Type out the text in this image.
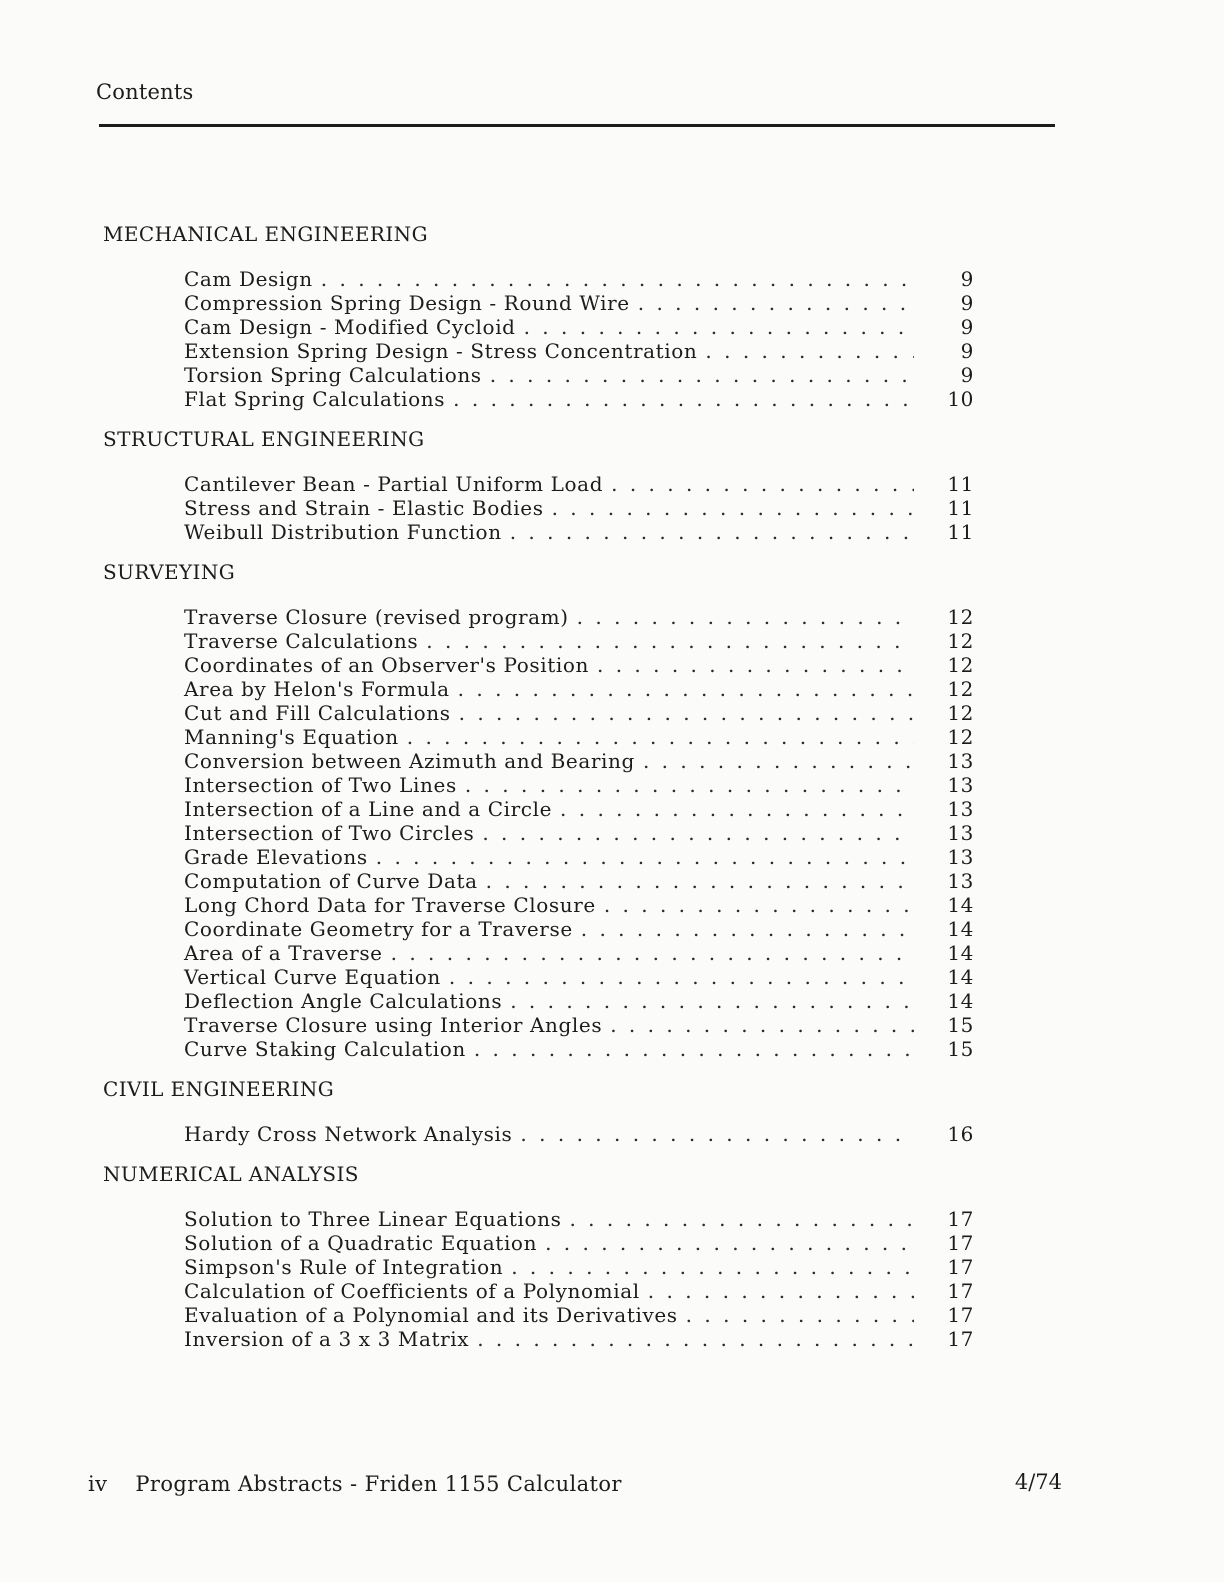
Contents
MECHANICAL ENGINEERING
Cam Design . . .	9
Compression Spring Design - Round Wire . . .	9
Cam Design - Modified Cycloid . . .	9
Extension Spring Design - Stress Concentration . . .	9
Torsion Spring Calculations . . .	9
Flat Spring Calculations . . .	10
STRUCTURAL ENGINEERING
Cantilever Bean - Partial Uniform Load . . .	11
Stress and Strain - Elastic Bodies . . .	11
Weibull Distribution Function . . .	11
SURVEYING
Traverse Closure (revised program) . . .	12
Traverse Calculations . . .	12
Coordinates of an Observer's Position . . .	12
Area by Helon's Formula . . .	12
Cut and Fill Calculations . . .	12
Manning's Equation . . .	12
Conversion between Azimuth and Bearing . . .	13
Intersection of Two Lines . . .	13
Intersection of a Line and a Circle . . .	13
Intersection of Two Circles . . .	13
Grade Elevations . . .	13
Computation of Curve Data . . .	13
Long Chord Data for Traverse Closure . . .	14
Coordinate Geometry for a Traverse . . .	14
Area of a Traverse . . .	14
Vertical Curve Equation . . .	14
Deflection Angle Calculations . . .	14
Traverse Closure using Interior Angles . . .	15
Curve Staking Calculation . . .	15
CIVIL ENGINEERING
Hardy Cross Network Analysis . . .	16
NUMERICAL ANALYSIS
Solution to Three Linear Equations . . .	17
Solution of a Quadratic Equation . . .	17
Simpson's Rule of Integration . . .	17
Calculation of Coefficients of a Polynomial . . .	17
Evaluation of a Polynomial and its Derivatives . . .	17
Inversion of a 3 x 3 Matrix . . .	17
iv Program Abstracts - Friden 1155 Calculator	4/74
